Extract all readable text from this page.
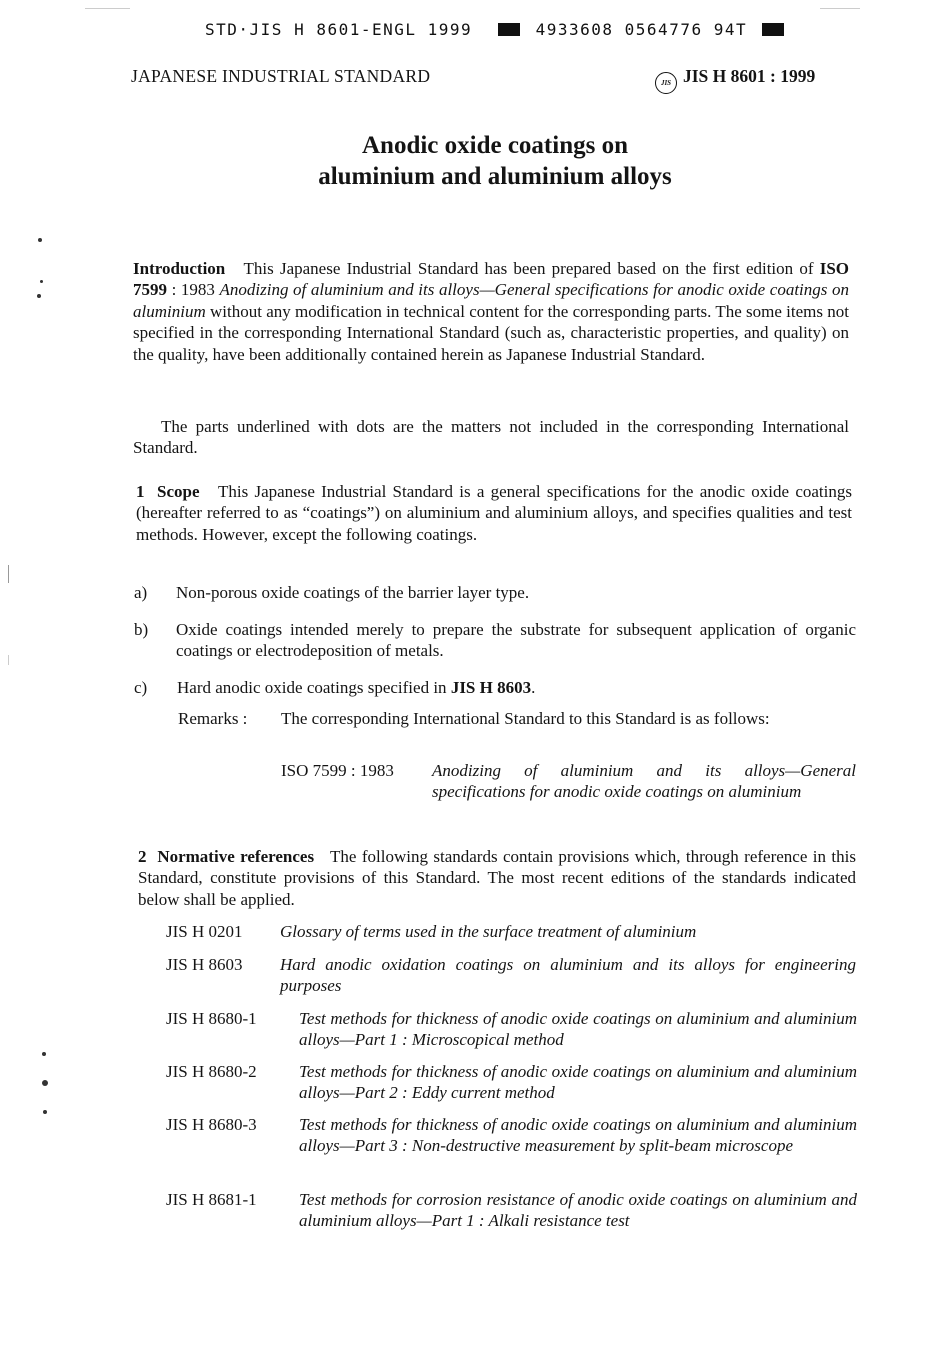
STD·JIS H 8601-ENGL 1999	4933608 0564776 94T
JAPANESE INDUSTRIAL STANDARD	JIS JIS H 8601 : 1999
Anodic oxide coatings on
aluminium and aluminium alloys
Introduction This Japanese Industrial Standard has been prepared based on the first edition of ISO 7599 : 1983 Anodizing of aluminium and its alloys—General specifications for anodic oxide coatings on aluminium without any modification in technical content for the corresponding parts. The some items not specified in the corresponding International Standard (such as, characteristic properties, and quality) on the quality, have been additionally contained herein as Japanese Industrial Standard.
The parts underlined with dots are the matters not included in the corresponding International Standard.
1 Scope This Japanese Industrial Standard is a general specifications for the anodic oxide coatings (hereafter referred to as “coatings”) on aluminium and aluminium alloys, and specifies qualities and test methods. However, except the following coatings.
a) Non-porous oxide coatings of the barrier layer type.
b) Oxide coatings intended merely to prepare the substrate for subsequent application of organic coatings or electrodeposition of metals.
c) Hard anodic oxide coatings specified in JIS H 8603.
Remarks : The corresponding International Standard to this Standard is as follows:
ISO 7599 : 1983 Anodizing of aluminium and its alloys—General specifications for anodic oxide coatings on aluminium
2 Normative references The following standards contain provisions which, through reference in this Standard, constitute provisions of this Standard. The most recent editions of the standards indicated below shall be applied.
JIS H 0201 Glossary of terms used in the surface treatment of aluminium
JIS H 8603 Hard anodic oxidation coatings on aluminium and its alloys for engineering purposes
JIS H 8680-1 Test methods for thickness of anodic oxide coatings on aluminium and aluminium alloys—Part 1 : Microscopical method
JIS H 8680-2 Test methods for thickness of anodic oxide coatings on aluminium and aluminium alloys—Part 2 : Eddy current method
JIS H 8680-3 Test methods for thickness of anodic oxide coatings on aluminium and aluminium alloys—Part 3 : Non-destructive measurement by split-beam microscope
JIS H 8681-1 Test methods for corrosion resistance of anodic oxide coatings on aluminium and aluminium alloys—Part 1 : Alkali resistance test
